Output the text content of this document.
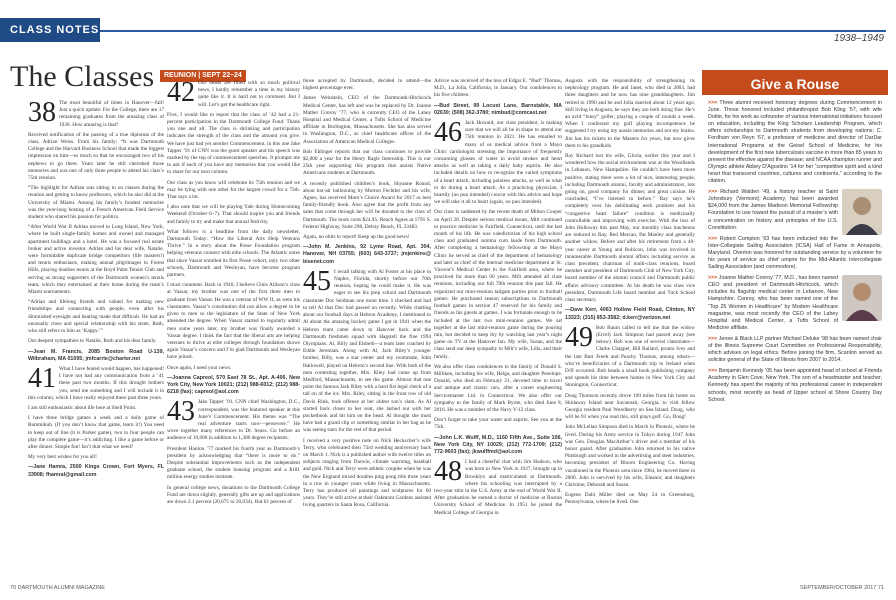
CLASS NOTES
1938–1949
The Classes	REUNION | SEPT 22–24

38 The most beautiful of times in Hanover—fall! Just a quick update: For the College, there are 17 remaining graduates from the amazing class of 1938. How amazing is that?

Received notification of the passing of a true diplomat of the class, Adrian Weiss. From his family: “It was Dartmouth College and the Harvard Business School that made the biggest impression on him—so much so that he encouraged two of his nephews to go there. Years later he still cherished those memories and was one of only three people to attend his class’s 75th reunion.

“The highlight for Adrian was sitting in on classes during the reunion and getting to know professors, which he also did at the University of Miami. Among his family’s fondest memories was the year-long hosting of a French American Field Service student who shared his passion for politics.

“After World War II Adrian moved to Long Island, New York, where he built single-family homes and owned and managed apartment buildings and a hotel. He was a focused real estate broker and active investor. Adrian and his dear wife, Natalie, were formidable duplicate bridge competitors (life masters!) and tennis enthusiasts, making annual pilgrimages to Forest Hills, playing doubles tennis at the Boyd Palm Tennis Club and serving as strong supporters of the Dartmouth women’s tennis team, which they entertained at their home during the team’s Miami tournaments.

“Adrian and lifelong friends and valued for making new friendships and connecting with people, even after his diminished eyesight and hearing made that difficult. He had an unusually close and special relationship with his sister, Ruth, who still refers to him as ‘Kappy.’”

Our deepest sympathies to Natalie, Ruth and his dear family.

—Jean M. Francis, 2085 Boston Road U-139, Wilbraham, MA 01095; jmfcarrie@charter.net

41 What I have feared would happen, has happened! I have not had any communication from a ’41 these past two months. If this drought bothers you, send me something and I will include it in this column, which I have really enjoyed these past three years.

I am still enthusiastic about life here at Shell Point.

I have three bridge games a week and a daily game of Rummikub. (If you don’t know that game, learn it!) You need to keep out of line (it is Parker game), two to four people can play the complete game—it’s addicting. I like a game before or after dinner. Simple fun! Isn’t that what we need?

My very best wishes for you all!

—Jane Hamra, 2500 Kings Crown, Fort Myers, FL 33908; fhamral@gmail.com

42 Our heads are filled with so much political news, I hardly remember a time in my history quite like it. It is hard not to comment. But I will. Let’s get the healthcare right.

First, I would like to report that the class of ’42 had a 21-percent participation in the Dartmouth College Fund. Thank you one and all. The class is shrinking and participation indicates the strength of the class and the amount you give. We have just had yet another Commencement, in this one Jake Tapper ’91 of CNN was the guest speaker and his speech was marked by the top of commencement speeches. It prompts me to ask if each of you have any memories that you would like to share for our next column.

Our class as you know will celebrate its 75th reunion and we may be tying with one other for the largest crowd for a 75th. That says a lot.

I also note that we will be playing Yale during Homecoming Weekend (October 6–7). That should inspire you and friends and family to try and make that annual festivity.

What follows is a headline from the daily newsletter, Dartmouth Today: “How the Liberal Arts Help Veterans Thrive.” In a story about the Posse Foundation program helping veterans connect with elite schools. The Atlantic notes that since Vassar enrolled its first Posse cohort, only two other schools, Dartmouth and Wesleyan, have become program partners.

I must comment. Back in 1940, I believe Ginis Allison’s class at Vassar, my brother was one of the first three men to graduate from Vassar. He was a veteran of WW II, as were his classmates. Vassar’s constitution did not allow a degree to be given to men so the legislature of the State of New York amended the degree. When Vassar started to regularly admit men some years later, my brother was finally awarded a Vassar degree. I think the fact that the liberal arts are helping veterans to thrive at elite colleges through foundation shows again Vassar’s concern and I’m glad Dartmouth and Wesleyan have joined.

Once again, I need your news.

—Joanna Capreol, 570 East 78 St., Apt. A-406, New York City, New York 10021; (212) 988-6012; (212) 988-6218 (fax); capreol@aol.com

43 Jake Tapper ’91, CNN chief Washington, D.C., correspondent, was the featured speaker at this June’s Commencement. His theme was “The real adventure starts now—persevere.” He wove together many references to Dr. Seuss. Go before an audience of 10,000 in addition to 1,300 degree recipients.

President Hanlon ’77 marked his fourth year as Dartmouth’s president by acknowledging that “there is more to do.” Despite substantial improvements such as the independent graduate school, the student housing program and a $181 million energy studies institute.

In general college news, donations to the Dartmouth College Fund are down slightly, generally gifts are up and applications are down 2.1 percent (20,675 to 20,034). But 61 percent of

those accepted by Dartmouth, decided to attend—the highest percentage ever.

James Weinstein, CEO of the Dartmouth-Hitchcock Medical Center, has left and was be replaced by Dr. Joanne Mather Conroy ’77, who is currently CEO of the Lahey Hospital and Medical Center, a Tufts School of Medicine affiliate in Burlington, Massachusetts. She has also served in Washington, D.C., as chief healthcare officer of the Association of American Medical Colleges.

Bob Ehlinger reports that our class continues to provide $2,000 a year for the Henry Ragle Internship. This is our 25th year supporting this program that assists Native Americans students at Dartmouth.

A recently published children’s book, Shyanne Round, about hot-air ballooning by Morton Fechtler and his wife, Agnes, has received Mom’s Choice Award for 2017 as best family-friendly book. Also agree that the profit from any sales that come through her will be donated to the class of Dartmouth. The book costs $24.95. Reach Agnes at 1791 S. Federal Highway, Suite 298, Delray Beach, FL 33483.

Again, no obits to report! Keep up the good news!

—John M. Jenkins, 92 Lyme Road, Apt. 304, Hanover, NH 03755; (603) 643-3737; jmjenkins@ bisenet.com

45 I recall talking with Al Foster at his place in Naples, Florida, shortly before our 70th reunion, hoping he could make it. He was eager to see his prep school and Dartmouth classmate Doc Seidman one more time. I checked and had to tell Al that Doc had passed on recently. While chatting about our football days at Hebron Academy, I mentioned to Al about the amazing hockey game I got in 1941 when the Hebron team came down to Hanover back and the Dartmouth freshmen squad with Hagstell the fine 1994 Olympians. Al, Billy and Elsbeth—a team later coached by Eddie Jeremiah. Along with Al, Jack Riley’s younger brother, Billy, was a star center and my roommate, John Hallowell, played on Hebron’s second line. With both of the men contesting together, Mrs. Riley had come up from Medford, Massachusetts, to see the game. Almost that one point the famous Jack Riley with a hard fist legal check of a tall on of the ice. Mrs. Riley, sitting in the front row of old Davis Rink, took offense at her oldest son’s slam. As Al started back closer to her seat, she lashed out with her pocketbook and hit him on the head. Al thought she must have had a grand clip or something similar in her bag as he was seeing stars for the rest of that period.

I received a very positive note on Nick Heckscher’s wife Terry, who celebrated their 73rd wedding anniversary back on March 1. Nick is a published author with twelve titles on subjects ranging from Darwin, climate warming, baseball and gold. Nick and Terry were athletic couples when he was the New England mixed doubles ping pong title three years in a row in younger years while living in Massachusetts. Terry has produced oil paintings and sculptures for 60 years. They’re still active at their Oakmont Gardens assisted living quarters in Santa Rosa, California.

Advice was received of the loss of Edgar E. “Bud” Thomas, M.D., La Jolla, California, in January. Our condolences to his five children.

—Bud Street, 99 Locust Lane, Barnstable, MA 02630; (508) 362-3780; nimbud@comcast.net

46 Jack Howard, our class president, is making sure that we will all be in shape to attend our 75th reunion in 2021. He has emailed to many of us medical advice from a Mayo Clinic cardiologist stressing the importance of frequently consuming glasses of water to avoid strokes and heart attacks as well as taking a daily baby aspirin. He also included details on how to recognize the varied symptoms of a heart attack, including painless attacks, as well as what to do during a heart attack. As a practicing physician, I heartily (no pun intended) concur with this advice and hope we will take it all to heart (again, no pun intended).

Our class is saddened by the recent death of Milton Cooper on April 28. Despite serious medical issues, Milt continued to practice medicine in Fairfield, Connecticut, until the last month of his life. He was valedictorian of his high school class and graduated summa cum laude from Dartmouth. After completing a hematology fellowship at the Mayo Clinic he served as chief of the department of hematology and later as chief of the internal medicine department at St. Vincent’s Medical Center in the Fairfield area, where he practiced for more than 60 years. Milt attended all class reunions, including our full 70th reunion this past fall. He organized our mini-reunion tailgate parties prior to football games. He purchased season subscriptions to Dartmouth football games in section 47 reserved for his family and friends as his guests at games. I was fortunate enough to be included at the last two mini-reunion games. We sat together at the last mini-reunion game during the pouring rain, but decided to keep dry by watching last year’s night game on TV at the Hanover Inn. My wife, Susan, and the class send our deep sympathy to Milt’s wife, Lilla, and their family.

We also offer class condolences to the family of Donald S. Milliken, including his wife, Helga, and daughter Penelope. Donald, who died on February 21, devoted time to travel and antique and classic cars, after a career engineering Servicemaster Ltd. in Connecticut. We also offer our sympathy to the family of Mark Byrne, who died June 8, 2016. He was a member of the Navy V-12 class.

Don’t forget to take your water and aspirin. See you at the 75th.

—John L.K. Wulff, M.D., 1160 Fifth Ave., Suite 106, New York City, NY 10029; (212) 772-1709; (212) 772-9603 (fax); jkwulffmd@aol.com

48 I had a cheerful chat with Jim Hudson, who was born in New York in 1927, brought up in Brooklyn and matriculated at Dartmouth, where his schooling was interrupted by a two-year stint in the U.S. Army at the end of World War II. After graduation he earned a doctor of medicine at Boston University School of Medicine. In 1951 he joined the Medical College of Georgia in

Augusta with the responsibility of strengthening its nephrology program. He and Janet, who died in 2003, had three daughters and he now has nine granddaughters. Jim retired in 1990 and he and Julia married about 12 years ago. Still living in Augusta, he says they are both doing fine. He’s an avid “lousy” golfer, playing a couple of rounds a week. When I confessed my golf playing incompetence he suggested I try using my aussie memories and not my brains. Jim has his tickets to the Masters for years, but now gives them to his grandkids.

Ray Richard lost his wife, Gloria, earlier this year and I wondered how the social environment was at the Woodlands in Lebanon, New Hampshire. He couldn’t have been more positive, stating there were a lot of nice, interesting people, including Dartmouth alumni, faculty and administrators, lots going on, good company for dinner, and great cuisine. He concluded, “I’ve listened to before.” Ray says he’s completely over his debilitating neck problem and his “congestive heart failure” condition is medicinally controllable and improving with exercise. With the loss of John Holloway this past May, our monthly class luncheons are reduced to Ray, Red Mercan, Pat Manley and generally another widow. Before and after his retirement from a 40-year career at Young and Rubicon, John was involved in innumerable Dartmouth alumni affairs including service as class president, chairman of multi-class reunions, board member and president of Dartmouth Club of New York City, board member of the alumni council and Dartmouth public affairs advisory committee. At his death he was class vice president, Dartmouth Life board member and Tuck School class secretary.

—Dave Kerr, 4063 Hollow Field Road, Clinton, NY 13323; (315) 853-3582; d.kerr@verizon.net

49 Bob Baum called to tell me that the widow (Ercel) Jack Simpson had passed away (see below). Bob was one of several classmates—Clarke Chappel, Bill Ballard, pronto Ivey and the late Burt Freeh and Peachy Thomas, among others—who’re beneficiaries of a Dartmouth trip to Ireland when D/II occurred. Bob heads a small book publishing company and spends his time between homes in New York City and Stonington, Connecticut.

Doug Thomson recently drove 100 miles from his home on Skidaway Island near Savannah, Georgia, to visit fellow Georgia resident Paul Woodberry on Sea Island. Doug, who will be 93 when you read this, still plays golf. Go, Doug!

John McLellan Simpson died in March in Phoenix, where he lived. During his Army service in Tokyo during 1947 John was Gen. Douglas MacArthur’s driver and a member of his honor guard. After graduation John returned to his native Pittsburgh and worked in the advertising and steel industries, becoming president of Bloom Engineering Co. Having vacationed in the Phoenix area since 1964, he moved there in 2000. John is survived by his wife, Eleanor, and daughters Christine, Deborah and Susan.

Eugene Dahl Miller died on May 24 in Greensburg, Pennsylvania, where he lived. One

Give a Rouse

>>> Three alumni received honorary degrees during Commencement in June. Those honored included philanthropist Bob Kling ’57, with wife Dottie, for his work as cofounder of various international initiatives focused on education, including the King Scholars Leadership Program, which offers scholarships to Dartmouth students from developing nations; C. Fordham von Reyn ’67, a professor of medicine and director of DarDar International Programs at the Geisel School of Medicine, for his development of the first new tuberculosis vaccine in more than 85 years to prevent the effective against the disease; and NCAA champion runner and Olympic athlete Abbey D’Agostino ’14 for her “competitive spirit and a kind heart that transcend countries, cultures and continents,” according to the citation.

>>> Richard Walden ’49, a history teacher at Saint Johnsbury (Vermont) Academy, has been awarded $24,000 from the James Madison Memorial Fellowship Foundation to use toward the pursuit of a master’s with a concentration on history and principles of the U.S. Constitution.

>>> Robert Compton ’63 has been inducted into the Inter-Collegiate Sailing Association (ICSA) Hall of Fame in Annapolis, Maryland. Overton was honored for outstanding service by a volunteer for his years of service as chief umpire for the Mid-Atlantic Intercollegiate Sailing Association (and commodore).

>>> Joanne Mather Conroy ’77, M.D., has been named CEO and president of Dartmouth-Hitchcock, which includes its flagship medical center in Lebanon, New Hampshire. Conroy, who has been named one of the “Top 25 Women in Healthcare” by Modern Healthcare magazine, was most recently the CEO of the Lahey Hospital and Medical Center, a Tufts School of Medicine affiliate.

>>> Jenee & Black LLP partner Michael Deluke ’98 has been named chair of the Illinois Supreme Court Committee on Professional Responsibility, which advises on legal ethics. Before joining the firm, Scanlon served as solicitor general of the State of Illinois from 2007 to 2014.

>>> Benjamin Kennedy ’05 has been appointed head of school at Friends Academy in Glen Cove, New York. The son of a headmaster and teacher, Kennedy has spent the majority of his professional career in independent schools, most recently as head of Upper school at Shore Country Day School.

70 DARTMOUTH ALUMNI MAGAZINE	SEPTEMBER/OCTOBER 2017 71
